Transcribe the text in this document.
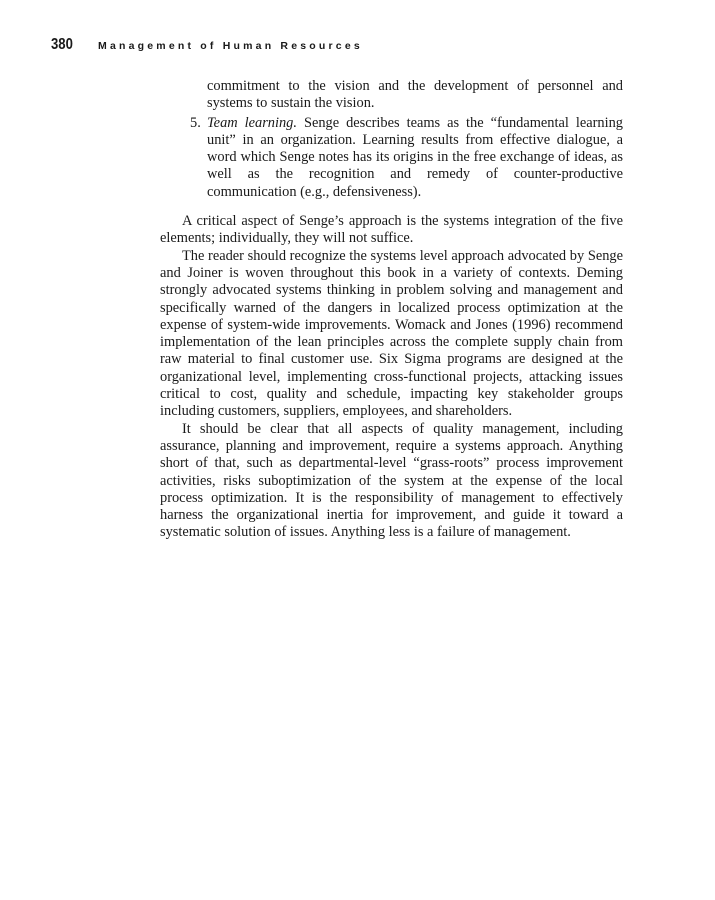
380	Management of Human Resources

commitment to the vision and the development of personnel and systems to sustain the vision.

5. Team learning. Senge describes teams as the “fundamental learning unit” in an organization. Learning results from effective dialogue, a word which Senge notes has its origins in the free exchange of ideas, as well as the recognition and remedy of counter-productive communication (e.g., defensiveness).

A critical aspect of Senge’s approach is the systems integration of the five elements; individually, they will not suffice.

The reader should recognize the systems level approach advocated by Senge and Joiner is woven throughout this book in a variety of contexts. Deming strongly advocated systems thinking in problem solving and management and specifically warned of the dangers in localized process optimization at the expense of system-wide improvements. Womack and Jones (1996) recommend implementation of the lean principles across the complete supply chain from raw material to final customer use. Six Sigma programs are designed at the organizational level, implementing cross-functional projects, attacking issues critical to cost, quality and schedule, impacting key stakeholder groups including customers, suppliers, employees, and shareholders.

It should be clear that all aspects of quality management, including assurance, planning and improvement, require a systems approach. Anything short of that, such as departmental-level “grass-roots” process improvement activities, risks suboptimization of the system at the expense of the local process optimization. It is the responsibility of management to effectively harness the organizational inertia for improvement, and guide it toward a systematic solution of issues. Anything less is a failure of management.
